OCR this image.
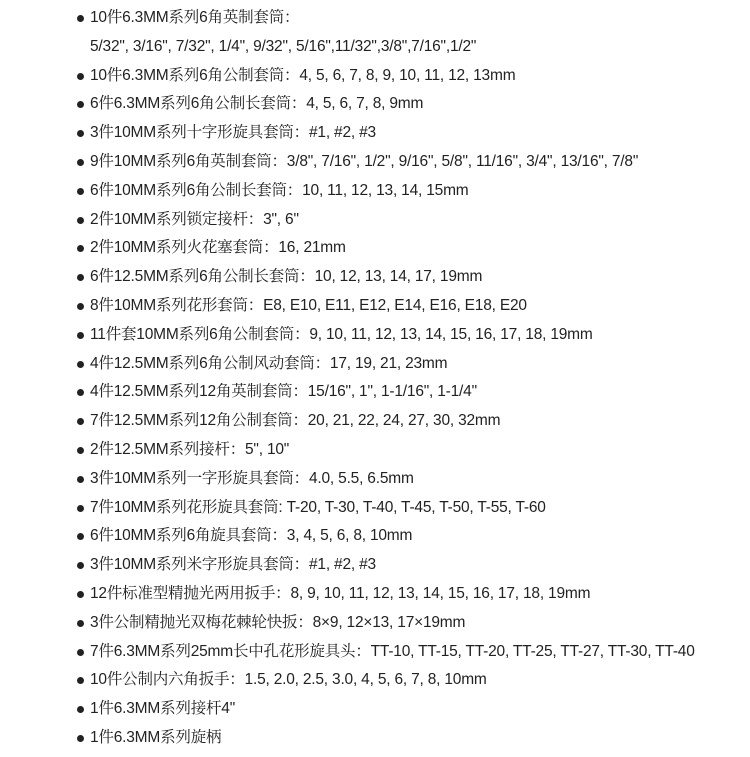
10件6.3MM系列6角英制套筒：
5/32", 3/16", 7/32", 1/4", 9/32", 5/16",11/32",3/8",7/16",1/2"
10件6.3MM系列6角公制套筒：4, 5, 6, 7, 8, 9, 10, 11, 12, 13mm
6件6.3MM系列6角公制长套筒：4, 5, 6, 7, 8, 9mm
3件10MM系列十字形旋具套筒：#1, #2, #3
9件10MM系列6角英制套筒：3/8", 7/16", 1/2", 9/16", 5/8", 11/16", 3/4", 13/16", 7/8"
6件10MM系列6角公制长套筒：10, 11, 12, 13, 14, 15mm
2件10MM系列锁定接杆：3", 6"
2件10MM系列火花塞套筒：16, 21mm
6件12.5MM系列6角公制长套筒：10, 12, 13, 14, 17, 19mm
8件10MM系列花形套筒：E8, E10, E11, E12, E14, E16, E18, E20
11件套10MM系列6角公制套筒：9, 10, 11, 12, 13, 14, 15, 16, 17, 18, 19mm
4件12.5MM系列6角公制风动套筒：17, 19, 21, 23mm
4件12.5MM系列12角英制套筒：15/16", 1", 1-1/16", 1-1/4"
7件12.5MM系列12角公制套筒：20, 21, 22, 24, 27, 30, 32mm
2件12.5MM系列接杆：5", 10"
3件10MM系列一字形旋具套筒：4.0, 5.5, 6.5mm
7件10MM系列花形旋具套筒: T-20, T-30, T-40, T-45, T-50, T-55, T-60
6件10MM系列6角旋具套筒：3, 4, 5, 6, 8, 10mm
3件10MM系列米字形旋具套筒：#1, #2, #3
12件标准型精抛光两用扳手：8, 9, 10, 11, 12, 13, 14, 15, 16, 17, 18, 19mm
3件公制精抛光双梅花棘轮快扳：8×9, 12×13, 17×19mm
7件6.3MM系列25mm长中孔花形旋具头：TT-10, TT-15, TT-20, TT-25, TT-27, TT-30, TT-40
10件公制内六角扳手：1.5, 2.0, 2.5, 3.0, 4, 5, 6, 7, 8, 10mm
1件6.3MM系列接杆4"
1件6.3MM系列旋柄
